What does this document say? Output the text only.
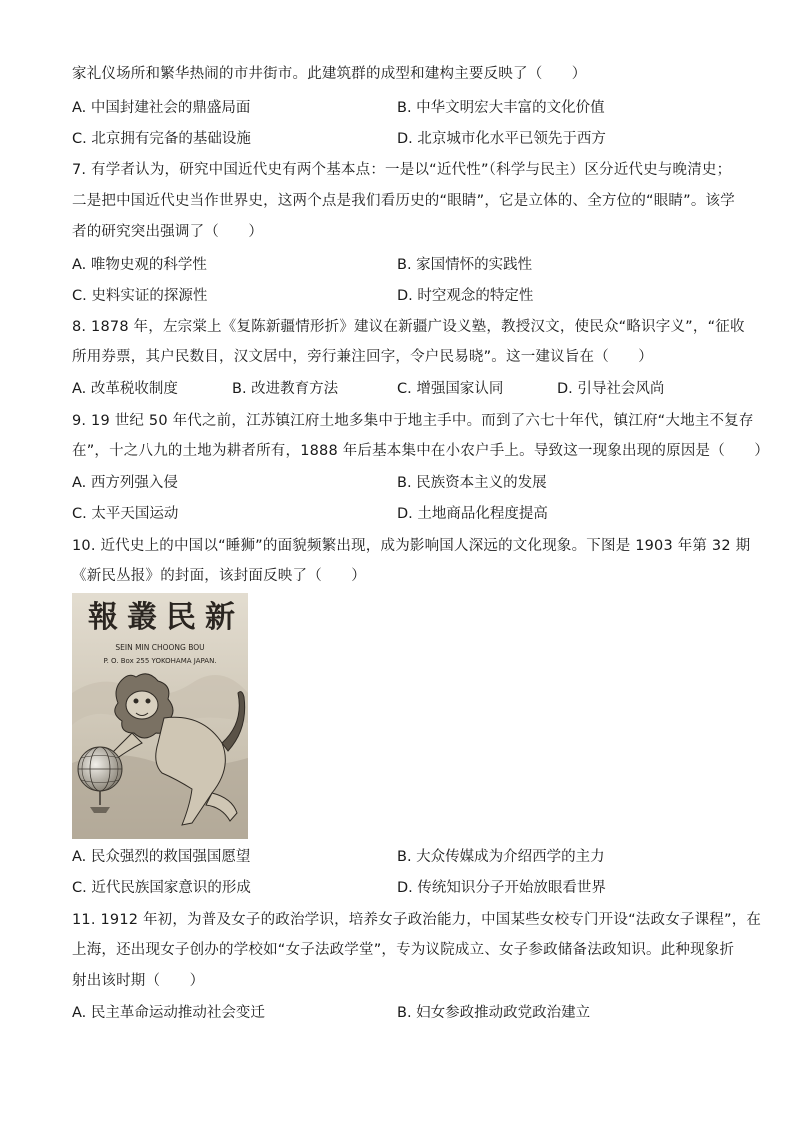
家礼仪场所和繁华热闹的市井街市。此建筑群的成型和建构主要反映了（　　）
A. 中国封建社会的鼎盛局面	B. 中华文明宏大丰富的文化价值
C. 北京拥有完备的基础设施	D. 北京城市化水平已领先于西方
7. 有学者认为，研究中国近代史有两个基本点：一是以“近代性”（科学与民主）区分近代史与晚清史；
二是把中国近代史当作世界史，这两个点是我们看历史的“眼睛”，它是立体的、全方位的“眼睛”。该学
者的研究突出强调了（　　）
A. 唯物史观的科学性	B. 家国情怀的实践性
C. 史料实证的探源性	D. 时空观念的特定性
8. 1878 年，左宗棠上《复陈新疆情形折》建议在新疆广设义塾，教授汉文，使民众“略识字义”，“征收
所用券票，其户民数目，汉文居中，旁行兼注回字，令户民易晓”。这一建议旨在（　　）
A. 改革税收制度	B. 改进教育方法	C. 增强国家认同	D. 引导社会风尚
9. 19 世纪 50 年代之前，江苏镇江府土地多集中于地主手中。而到了六七十年代，镇江府“大地主不复存
在”，十之八九的土地为耕者所有，1888 年后基本集中在小农户手上。导致这一现象出现的原因是（　　）
A. 西方列强入侵	B. 民族资本主义的发展
C. 太平天国运动	D. 土地商品化程度提高
10. 近代史上的中国以“睡狮”的面貌频繁出现，成为影响国人深远的文化现象。下图是 1903 年第 32 期
《新民丛报》的封面，该封面反映了（　　）
報 叢 民 新
SEIN MIN CHOONG BOU
P. O. Box 255 YOKOHAMA JAPAN.
A. 民众强烈的救国强国愿望	B. 大众传媒成为介绍西学的主力
C. 近代民族国家意识的形成	D. 传统知识分子开始放眼看世界
11. 1912 年初，为普及女子的政治学识，培养女子政治能力，中国某些女校专门开设“法政女子课程”，在
上海，还出现女子创办的学校如“女子法政学堂”，专为议院成立、女子参政储备法政知识。此种现象折
射出该时期（　　）
A. 民主革命运动推动社会变迁	B. 妇女参政推动政党政治建立
